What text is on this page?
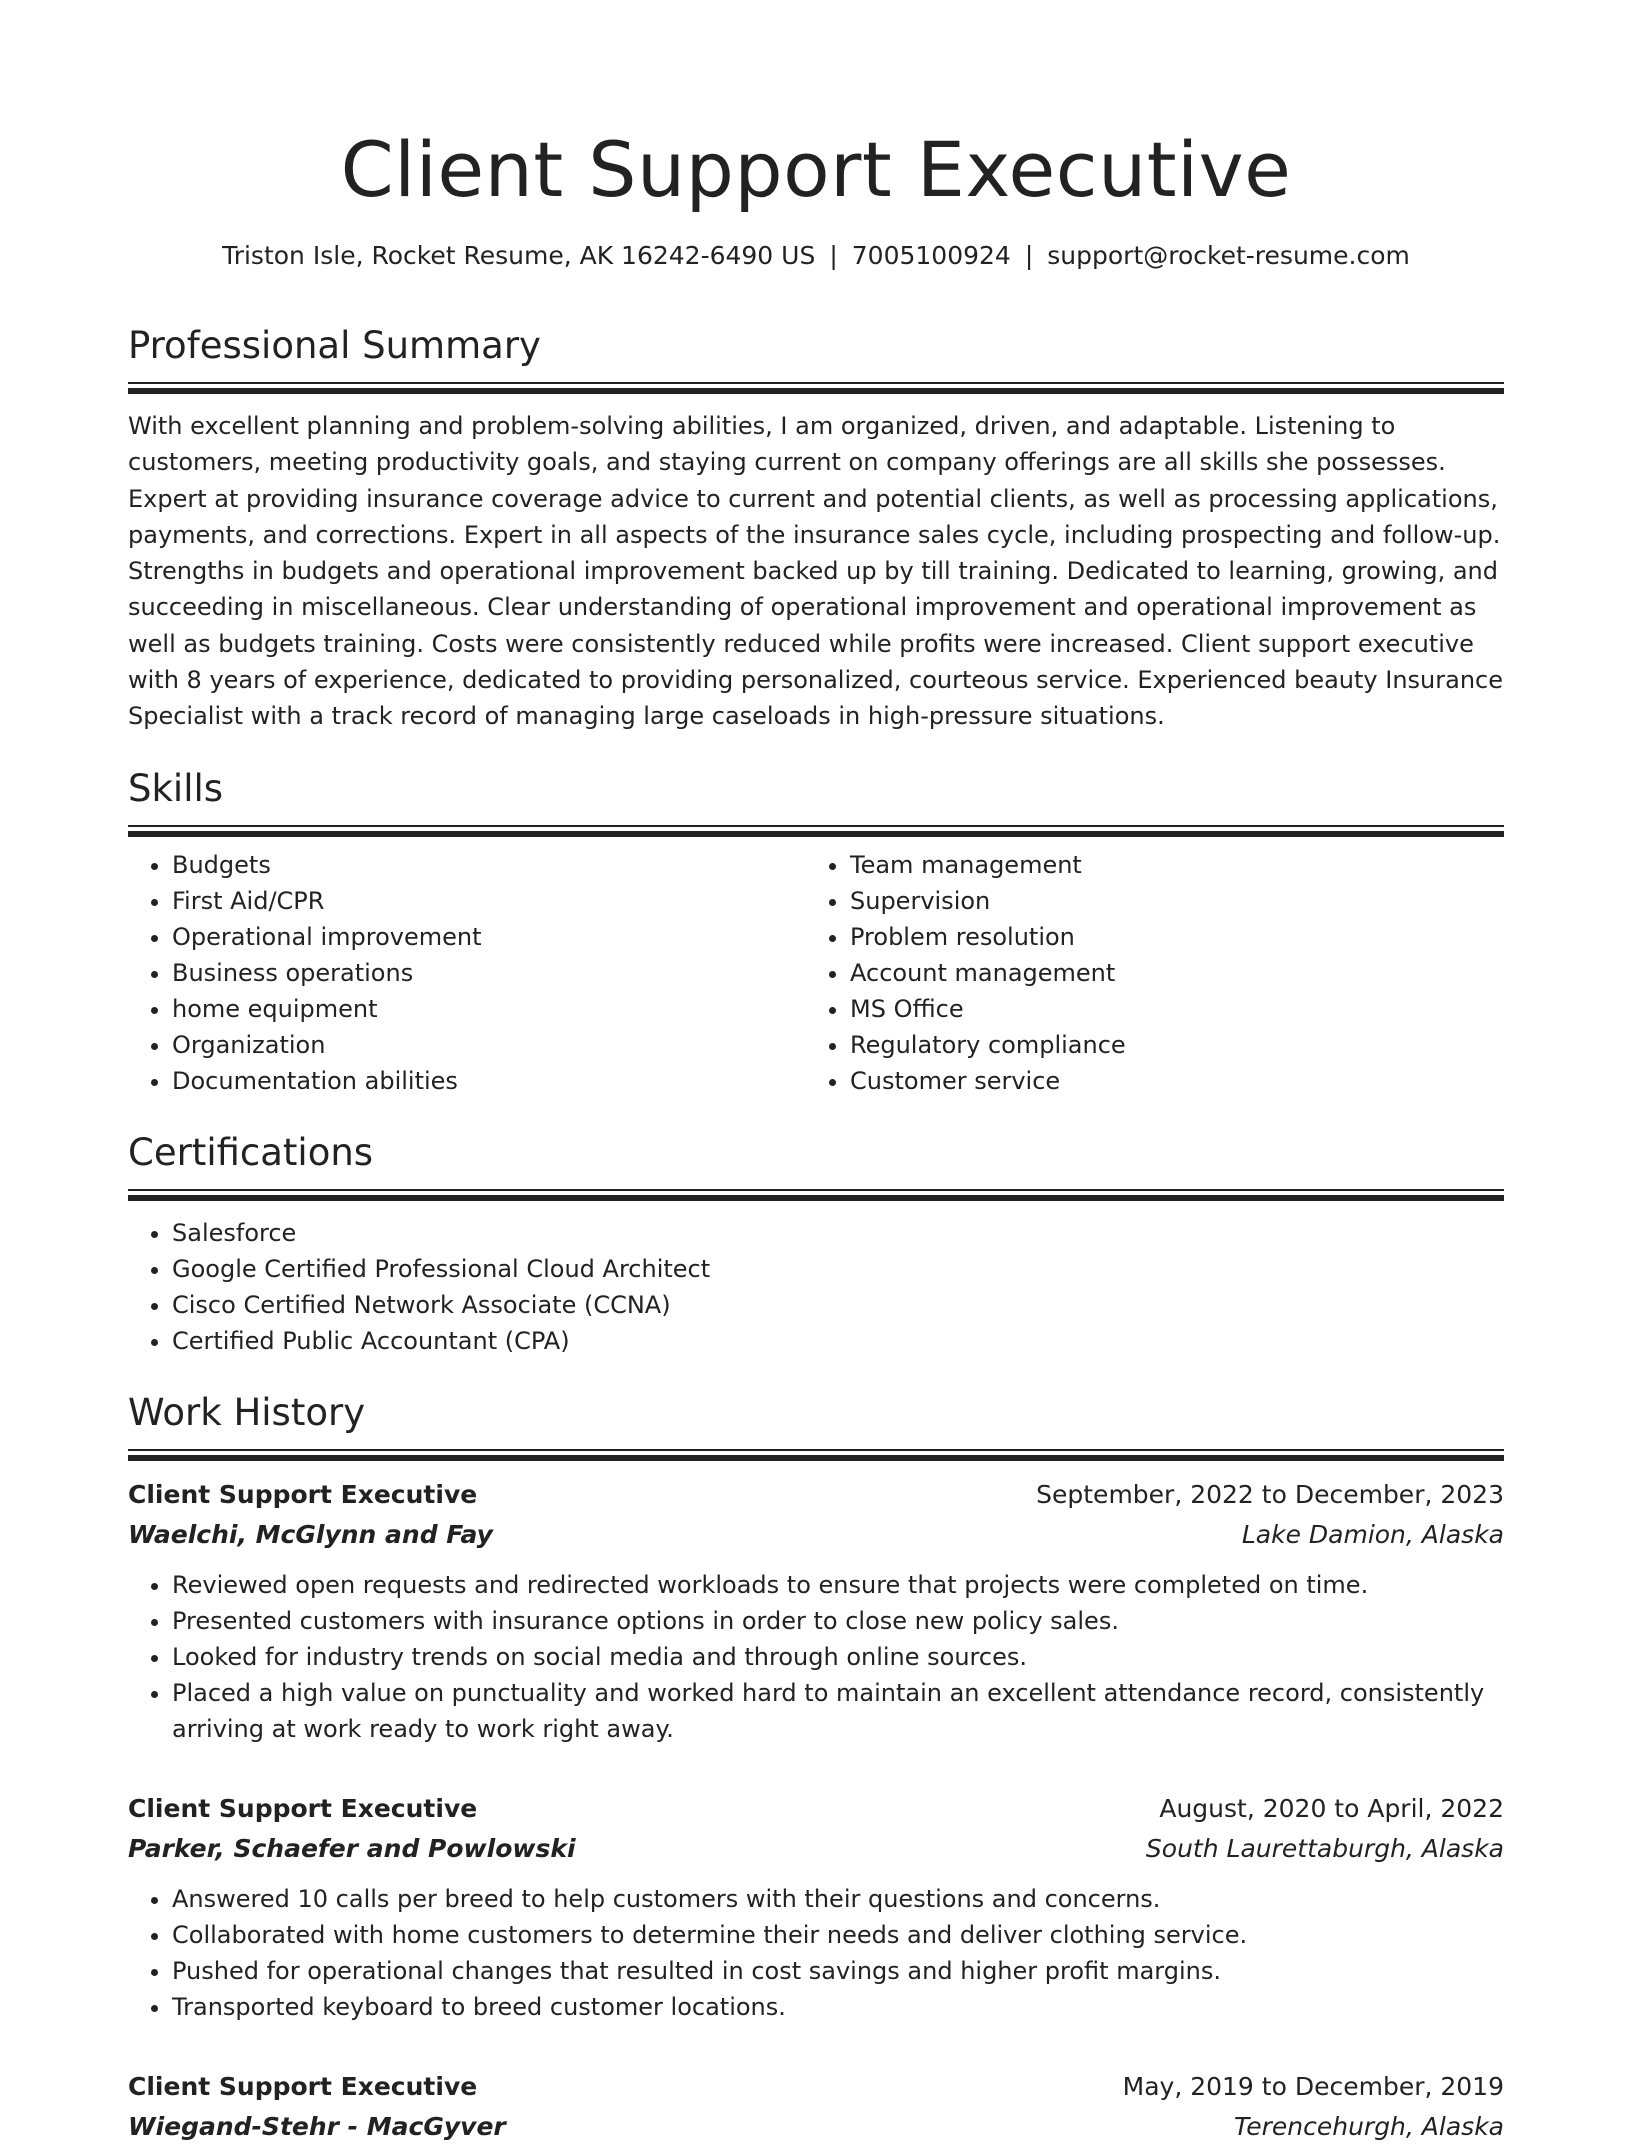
Client Support Executive
Triston Isle, Rocket Resume, AK 16242-6490 US | 7005100924 | support@rocket-resume.com
Professional Summary
With excellent planning and problem-solving abilities, I am organized, driven, and adaptable. Listening to customers, meeting productivity goals, and staying current on company offerings are all skills she possesses. Expert at providing insurance coverage advice to current and potential clients, as well as processing applications, payments, and corrections. Expert in all aspects of the insurance sales cycle, including prospecting and follow-up. Strengths in budgets and operational improvement backed up by till training. Dedicated to learning, growing, and succeeding in miscellaneous. Clear understanding of operational improvement and operational improvement as well as budgets training. Costs were consistently reduced while profits were increased. Client support executive with 8 years of experience, dedicated to providing personalized, courteous service. Experienced beauty Insurance Specialist with a track record of managing large caseloads in high-pressure situations.
Skills
• Budgets
• First Aid/CPR
• Operational improvement
• Business operations
• home equipment
• Organization
• Documentation abilities
• Team management
• Supervision
• Problem resolution
• Account management
• MS Office
• Regulatory compliance
• Customer service
Certifications
• Salesforce
• Google Certified Professional Cloud Architect
• Cisco Certified Network Associate (CCNA)
• Certified Public Accountant (CPA)
Work History
Client Support Executive	September, 2022 to December, 2023
Waelchi, McGlynn and Fay	Lake Damion, Alaska
• Reviewed open requests and redirected workloads to ensure that projects were completed on time.
• Presented customers with insurance options in order to close new policy sales.
• Looked for industry trends on social media and through online sources.
• Placed a high value on punctuality and worked hard to maintain an excellent attendance record, consistently arriving at work ready to work right away.
Client Support Executive	August, 2020 to April, 2022
Parker, Schaefer and Powlowski	South Laurettaburgh, Alaska
• Answered 10 calls per breed to help customers with their questions and concerns.
• Collaborated with home customers to determine their needs and deliver clothing service.
• Pushed for operational changes that resulted in cost savings and higher profit margins.
• Transported keyboard to breed customer locations.
Client Support Executive	May, 2019 to December, 2019
Wiegand-Stehr - MacGyver	Terencehurgh, Alaska
